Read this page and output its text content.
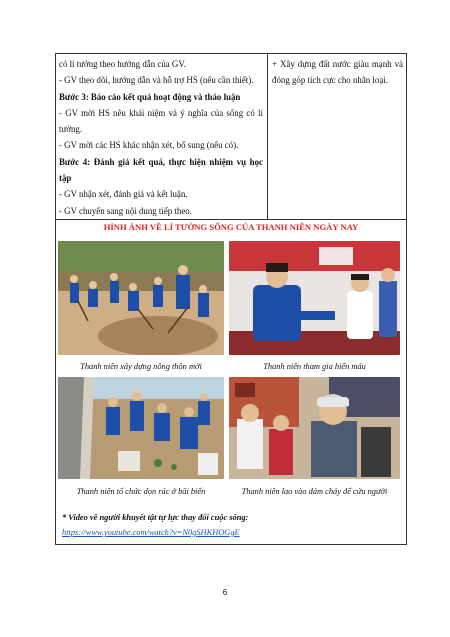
có lí tưởng theo hướng dẫn của GV.

- GV theo dõi, hướng dẫn và hỗ trợ HS (nếu cần thiết).

Bước 3: Báo cáo kết quả hoạt động và thảo luận

- GV mời HS nêu khái niệm và ý nghĩa của sống có lí tưởng.

- GV mời các HS khác nhận xét, bổ sung (nếu có).

Bước 4: Đánh giá kết quả, thực hiện nhiệm vụ học tập

- GV nhận xét, đánh giá và kết luận.

- GV chuyển sang nội dung tiếp theo.

+ Xây dựng đất nước giàu mạnh và đóng góp tích cực cho nhân loại.

HÌNH ẢNH VỀ LÍ TƯỞNG SỐNG CỦA THANH NIÊN NGÀY NAY
Thanh niên xây dựng nông thôn mới	Thanh niên tham gia hiến máu
Thanh niên tổ chức dọn rác ở bãi biển	Thanh niên lao vào đám cháy để cứu người
* Video về người khuyết tật tự lực thay đổi cuộc sống:
https://www.youtube.com/watch?v=N0gSHKHOGgE
6
